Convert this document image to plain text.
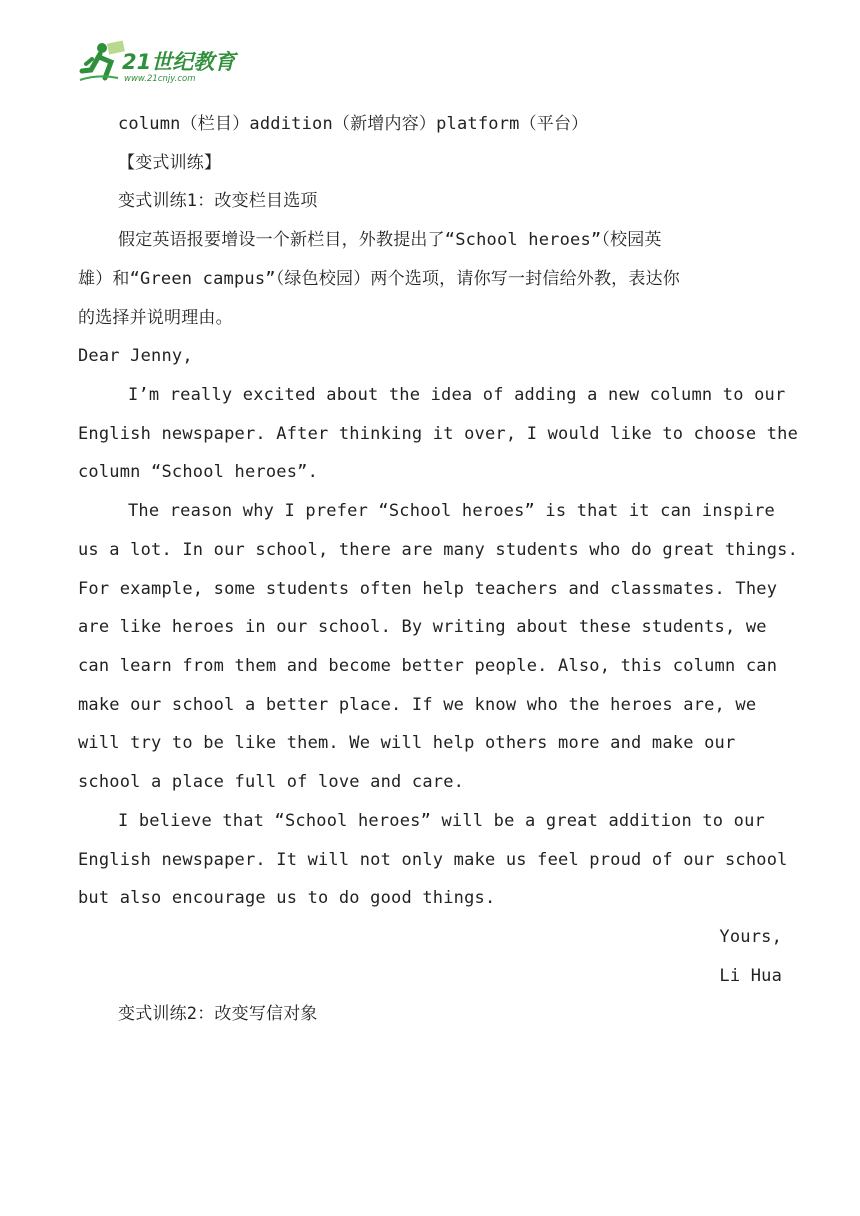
21世纪教育
www.21cnjy.com

column（栏目）addition（新增内容）platform（平台）

【变式训练】

变式训练1：改变栏目选项

假定英语报要增设一个新栏目，外教提出了“School heroes”（校园英

雄）和“Green campus”（绿色校园）两个选项，请你写一封信给外教，表达你

的选择并说明理由。

Dear Jenny,

I’m really excited about the idea of adding a new column to our

English newspaper. After thinking it over, I would like to choose the

column “School heroes”.

The reason why I prefer “School heroes” is that it can inspire

us a lot. In our school, there are many students who do great things.

For example, some students often help teachers and classmates. They

are like heroes in our school. By writing about these students, we

can learn from them and become better people. Also, this column can

make our school a better place. If we know who the heroes are, we

will try to be like them. We will help others more and make our

school a place full of love and care.

I believe that “School heroes” will be a great addition to our

English newspaper. It will not only make us feel proud of our school

but also encourage us to do good things.

Yours,

Li Hua

变式训练2：改变写信对象
